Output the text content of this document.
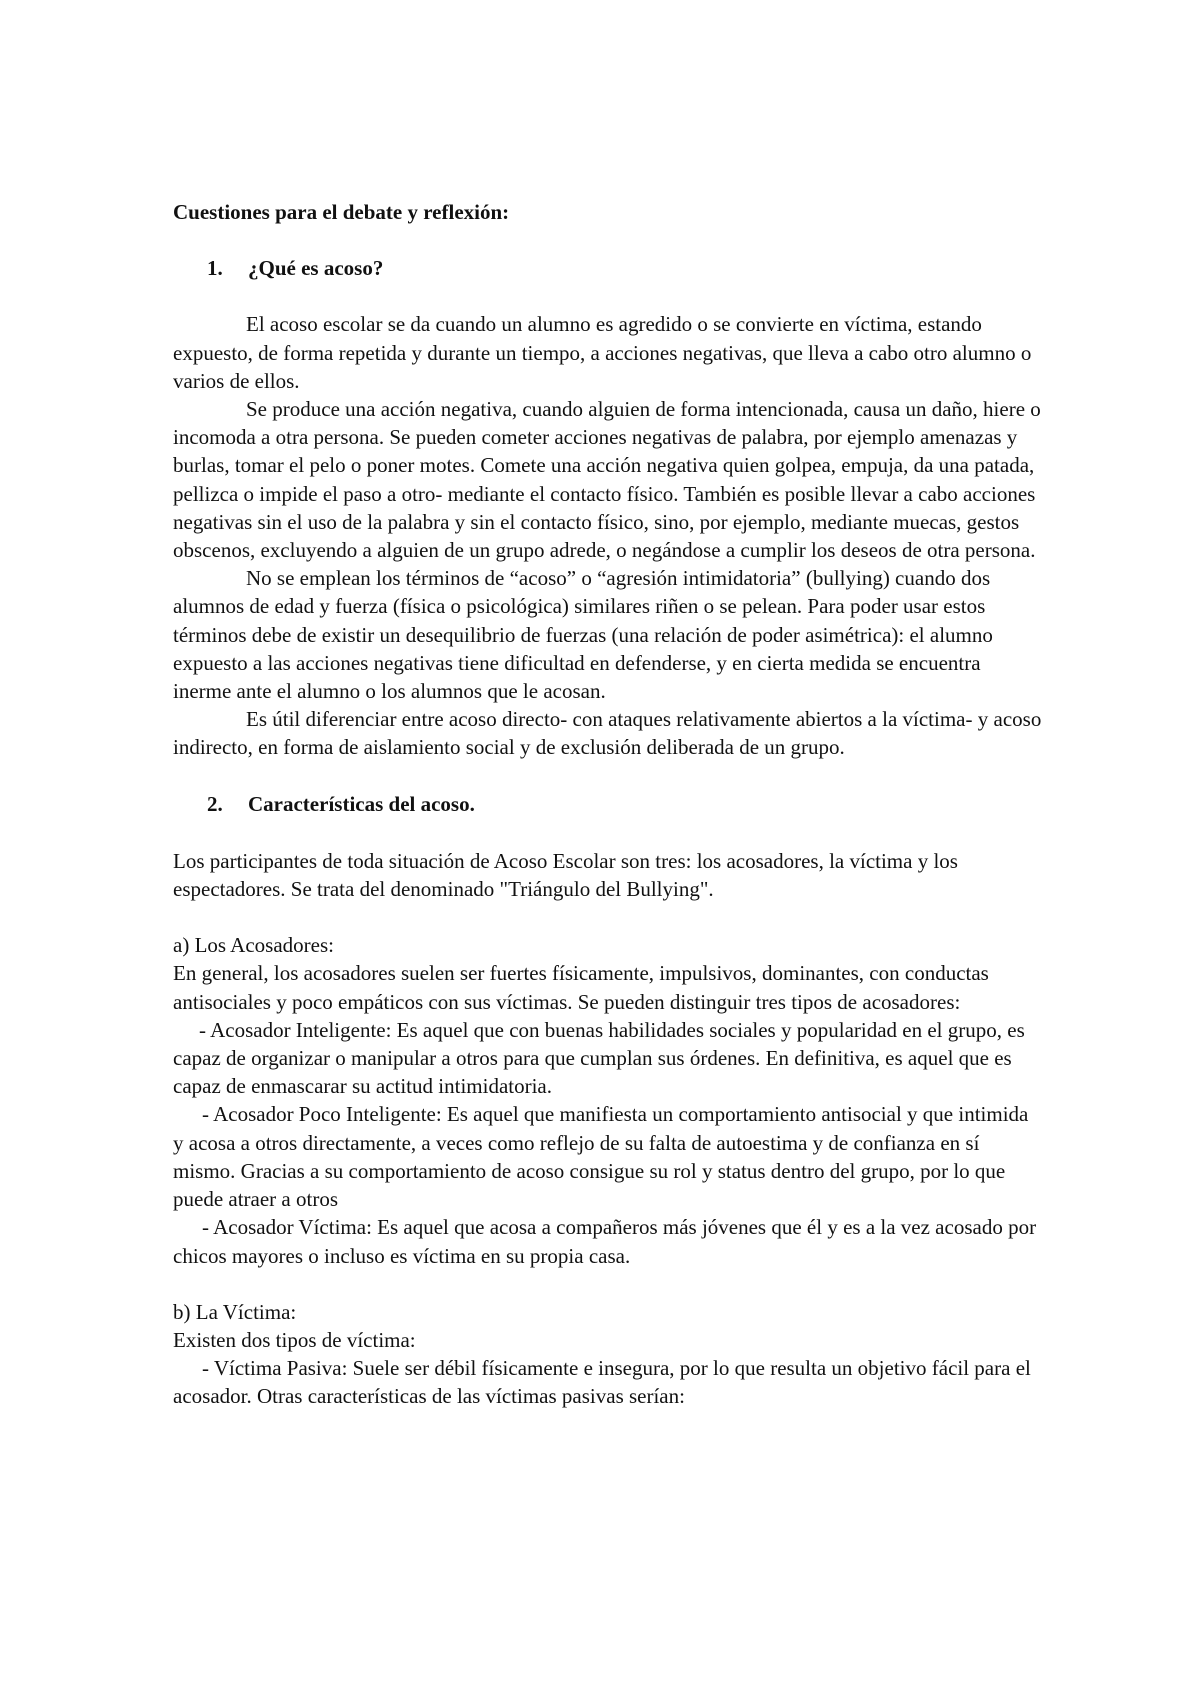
Cuestiones para el debate y reflexión:

1.	¿Qué es acoso?

El acoso escolar se da cuando un alumno es agredido o se convierte en víctima, estando expuesto, de forma repetida y durante un tiempo, a acciones negativas, que lleva a cabo otro alumno o varios de ellos.

Se produce una acción negativa, cuando alguien de forma intencionada, causa un daño, hiere o incomoda a otra persona. Se pueden cometer acciones negativas de palabra, por ejemplo amenazas y burlas, tomar el pelo o poner motes. Comete una acción negativa quien golpea, empuja, da una patada, pellizca o impide el paso a otro- mediante el contacto físico. También es posible llevar a cabo acciones negativas sin el uso de la palabra y sin el contacto físico, sino, por ejemplo, mediante muecas, gestos obscenos, excluyendo a alguien de un grupo adrede, o negándose a cumplir los deseos de otra persona.

No se emplean los términos de “acoso” o “agresión intimidatoria” (bullying) cuando dos alumnos de edad y fuerza (física o psicológica) similares riñen o se pelean. Para poder usar estos términos debe de existir un desequilibrio de fuerzas (una relación de poder asimétrica): el alumno expuesto a las acciones negativas tiene dificultad en defenderse, y en cierta medida se encuentra inerme ante el alumno o los alumnos que le acosan.

Es útil diferenciar entre acoso directo- con ataques relativamente abiertos a la víctima- y acoso indirecto, en forma de aislamiento social y de exclusión deliberada de un grupo.

2.	Características del acoso.

Los participantes de toda situación de Acoso Escolar son tres: los acosadores, la víctima y los espectadores. Se trata del denominado "Triángulo del Bullying".

a) Los Acosadores:

En general, los acosadores suelen ser fuertes físicamente, impulsivos, dominantes, con conductas antisociales y poco empáticos con sus víctimas. Se pueden distinguir tres tipos de acosadores:

- Acosador Inteligente: Es aquel que con buenas habilidades sociales y popularidad en el grupo, es capaz de organizar o manipular a otros para que cumplan sus órdenes. En definitiva, es aquel que es capaz de enmascarar su actitud intimidatoria.

- Acosador Poco Inteligente: Es aquel que manifiesta un comportamiento antisocial y que intimida y acosa a otros directamente, a veces como reflejo de su falta de autoestima y de confianza en sí mismo. Gracias a su comportamiento de acoso consigue su rol y status dentro del grupo, por lo que puede atraer a otros

- Acosador Víctima: Es aquel que acosa a compañeros más jóvenes que él y es a la vez acosado por chicos mayores o incluso es víctima en su propia casa.

b) La Víctima:

Existen dos tipos de víctima:

- Víctima Pasiva: Suele ser débil físicamente e insegura, por lo que resulta un objetivo fácil para el acosador. Otras características de las víctimas pasivas serían:
